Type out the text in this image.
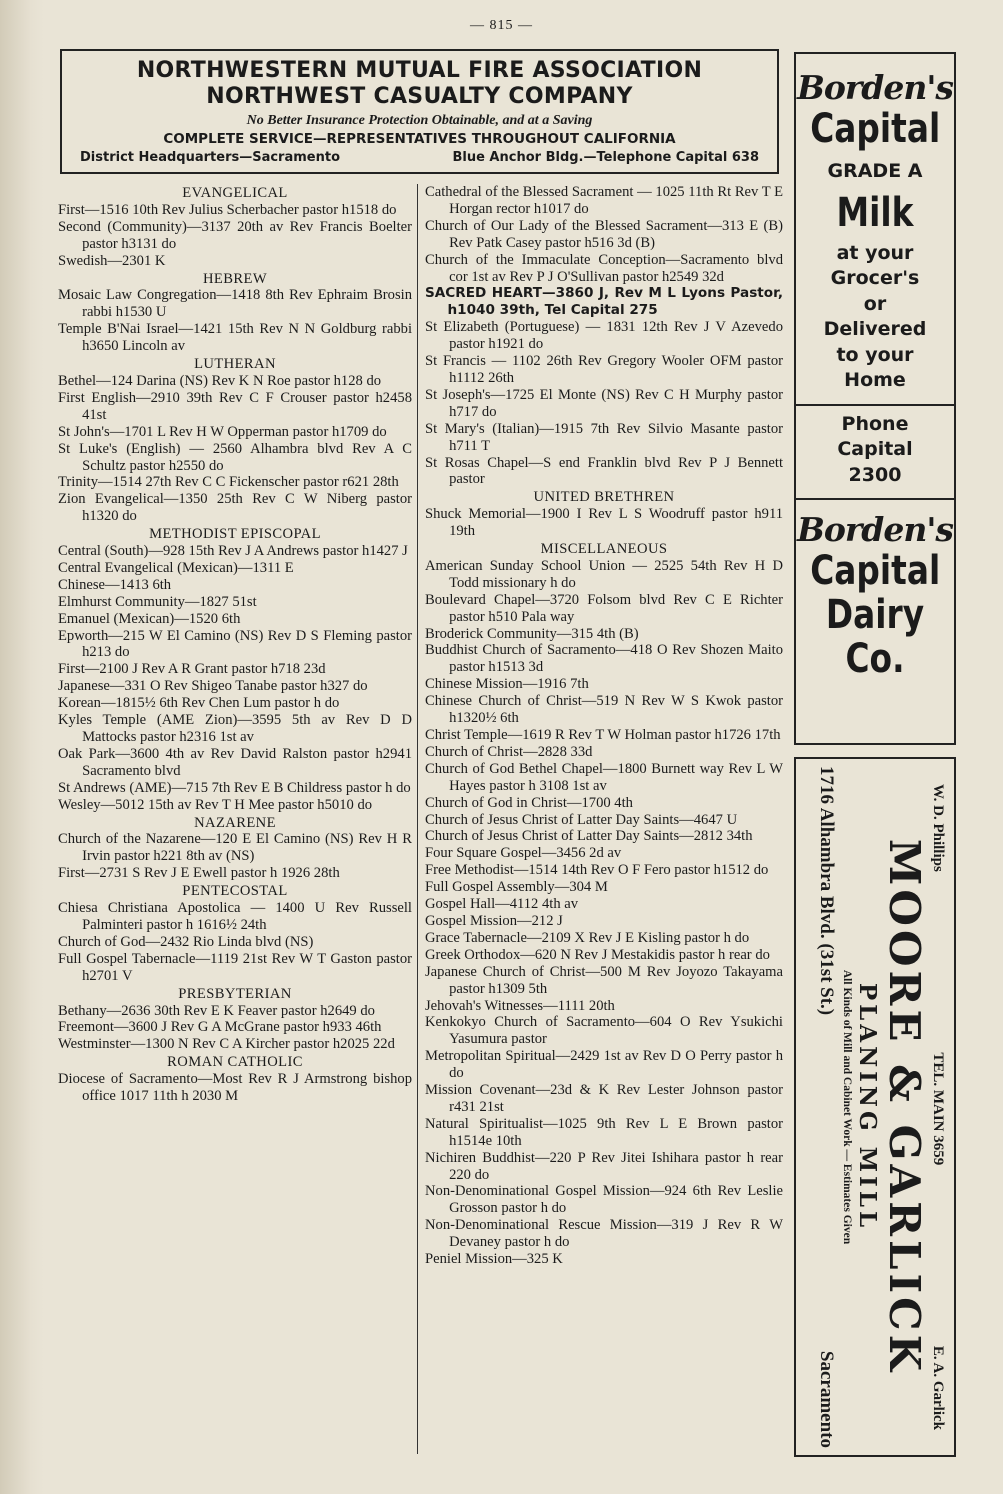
— 815 —
NORTHWESTERN MUTUAL FIRE ASSOCIATION
NORTHWEST CASUALTY COMPANY
No Better Insurance Protection Obtainable, and at a Saving
COMPLETE SERVICE—REPRESENTATIVES THROUGHOUT CALIFORNIA
District Headquarters—Sacramento	Blue Anchor Bldg.—Telephone Capital 638
EVANGELICAL
First—1516 10th Rev Julius Scherbacher pastor h1518 do
Second (Community)—3137 20th av Rev Francis Boelter pastor h3131 do
Swedish—2301 K
HEBREW
Mosaic Law Congregation—1418 8th Rev Ephraim Brosin rabbi h1530 U
Temple B'Nai Israel—1421 15th Rev N N Goldburg rabbi h3650 Lincoln av
LUTHERAN
Bethel—124 Darina (NS) Rev K N Roe pastor h128 do
First English—2910 39th Rev C F Crouser pastor h2458 41st
St John's—1701 L Rev H W Opperman pastor h1709 do
St Luke's (English) — 2560 Alhambra blvd Rev A C Schultz pastor h2550 do
Trinity—1514 27th Rev C C Fickenscher pastor r621 28th
Zion Evangelical—1350 25th Rev C W Niberg pastor h1320 do
METHODIST EPISCOPAL
Central (South)—928 15th Rev J A Andrews pastor h1427 J
Central Evangelical (Mexican)—1311 E
Chinese—1413 6th
Elmhurst Community—1827 51st
Emanuel (Mexican)—1520 6th
Epworth—215 W El Camino (NS) Rev D S Fleming pastor h213 do
First—2100 J Rev A R Grant pastor h718 23d
Japanese—331 O Rev Shigeo Tanabe pastor h327 do
Korean—1815½ 6th Rev Chen Lum pastor h do
Kyles Temple (AME Zion)—3595 5th av Rev D D Mattocks pastor h2316 1st av
Oak Park—3600 4th av Rev David Ralston pastor h2941 Sacramento blvd
St Andrews (AME)—715 7th Rev E B Childress pastor h do
Wesley—5012 15th av Rev T H Mee pastor h5010 do
NAZARENE
Church of the Nazarene—120 E El Camino (NS) Rev H R Irvin pastor h221 8th av (NS)
First—2731 S Rev J E Ewell pastor h 1926 28th
PENTECOSTAL
Chiesa Christiana Apostolica — 1400 U Rev Russell Palminteri pastor h 1616½ 24th
Church of God—2432 Rio Linda blvd (NS)
Full Gospel Tabernacle—1119 21st Rev W T Gaston pastor h2701 V
PRESBYTERIAN
Bethany—2636 30th Rev E K Feaver pastor h2649 do
Freemont—3600 J Rev G A McGrane pastor h933 46th
Westminster—1300 N Rev C A Kircher pastor h2025 22d
ROMAN CATHOLIC
Diocese of Sacramento—Most Rev R J Armstrong bishop office 1017 11th h 2030 M
Cathedral of the Blessed Sacrament — 1025 11th Rt Rev T E Horgan rector h1017 do
Church of Our Lady of the Blessed Sacrament—313 E (B) Rev Patk Casey pastor h516 3d (B)
Church of the Immaculate Conception—Sacramento blvd cor 1st av Rev P J O'Sullivan pastor h2549 32d
SACRED HEART—3860 J, Rev M L Lyons Pastor, h1040 39th, Tel Capital 275
St Elizabeth (Portuguese) — 1831 12th Rev J V Azevedo pastor h1921 do
St Francis — 1102 26th Rev Gregory Wooler OFM pastor h1112 26th
St Joseph's—1725 El Monte (NS) Rev C H Murphy pastor h717 do
St Mary's (Italian)—1915 7th Rev Silvio Masante pastor h711 T
St Rosas Chapel—S end Franklin blvd Rev P J Bennett pastor
UNITED BRETHREN
Shuck Memorial—1900 I Rev L S Woodruff pastor h911 19th
MISCELLANEOUS
American Sunday School Union — 2525 54th Rev H D Todd missionary h do
Boulevard Chapel—3720 Folsom blvd Rev C E Richter pastor h510 Pala way
Broderick Community—315 4th (B)
Buddhist Church of Sacramento—418 O Rev Shozen Maito pastor h1513 3d
Chinese Mission—1916 7th
Chinese Church of Christ—519 N Rev W S Kwok pastor h1320½ 6th
Christ Temple—1619 R Rev T W Holman pastor h1726 17th
Church of Christ—2828 33d
Church of God Bethel Chapel—1800 Burnett way Rev L W Hayes pastor h 3108 1st av
Church of God in Christ—1700 4th
Church of Jesus Christ of Latter Day Saints—4647 U
Church of Jesus Christ of Latter Day Saints—2812 34th
Four Square Gospel—3456 2d av
Free Methodist—1514 14th Rev O F Fero pastor h1512 do
Full Gospel Assembly—304 M
Gospel Hall—4112 4th av
Gospel Mission—212 J
Grace Tabernacle—2109 X Rev J E Kisling pastor h do
Greek Orthodox—620 N Rev J Mestakidis pastor h rear do
Japanese Church of Christ—500 M Rev Joyozo Takayama pastor h1309 5th
Jehovah's Witnesses—1111 20th
Kenkokyo Church of Sacramento—604 O Rev Ysukichi Yasumura pastor
Metropolitan Spiritual—2429 1st av Rev D O Perry pastor h do
Mission Covenant—23d & K Rev Lester Johnson pastor r431 21st
Natural Spiritualist—1025 9th Rev L E Brown pastor h1514e 10th
Nichiren Buddhist—220 P Rev Jitei Ishihara pastor h rear 220 do
Non-Denominational Gospel Mission—924 6th Rev Leslie Grosson pastor h do
Non-Denominational Rescue Mission—319 J Rev R W Devaney pastor h do
Peniel Mission—325 K
Borden's
Capital
GRADE A
Milk
at your
Grocer's
or
Delivered
to your
Home
Phone
Capital
2300
Borden's
Capital
Dairy
Co.
W. D. Phillips
TEL. MAIN 3659
E. A. Garlick
MOORE & GARLICK
PLANING MILL
All Kinds of Mill and Cabinet Work — Estimates Given
1716 Alhambra Blvd. (31st St.)
Sacramento
